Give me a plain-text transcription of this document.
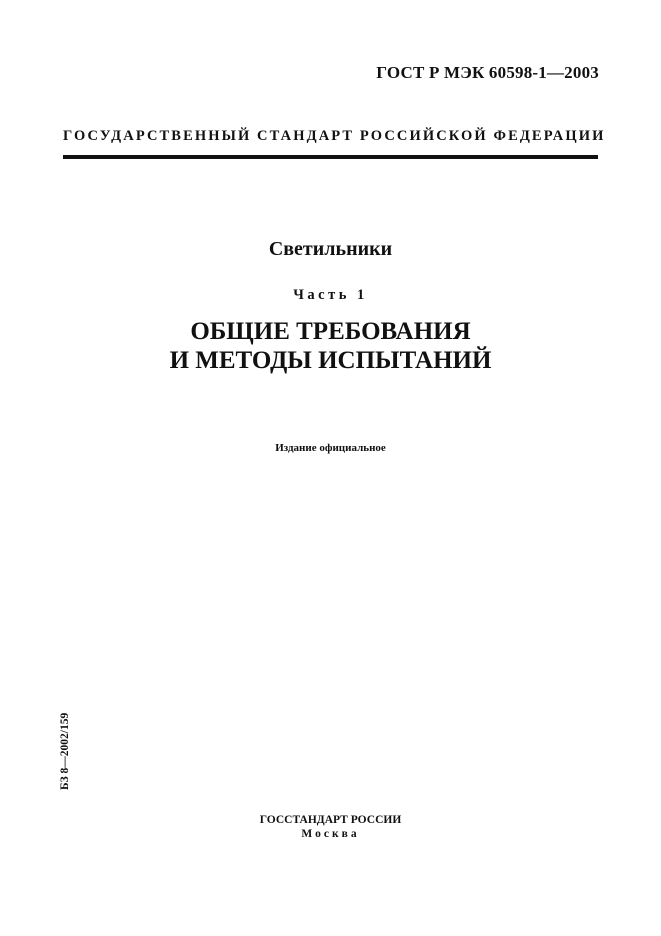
ГОСТ Р МЭК 60598-1—2003
ГОСУДАРСТВЕННЫЙ СТАНДАРТ РОССИЙСКОЙ ФЕДЕРАЦИИ
Светильники
Часть 1
ОБЩИЕ ТРЕБОВАНИЯ
И МЕТОДЫ ИСПЫТАНИЙ
Издание официальное
БЗ 8—2002/159
ГОССТАНДАРТ РОССИИ
Москва
